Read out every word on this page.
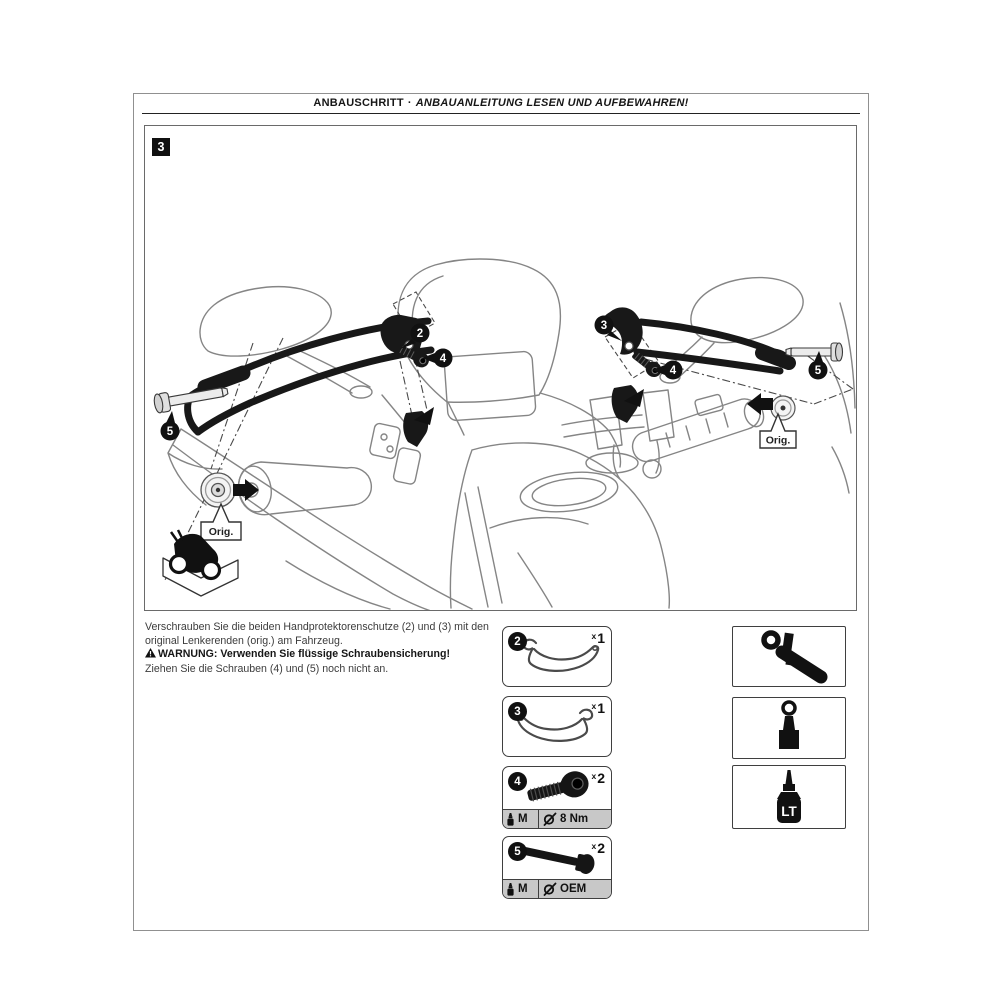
ANBAUSCHRITT · ANBAUANLEITUNG LESEN UND AUFBEWAHREN!
Orig.
Orig.
2
4
3
4
5
5
3
Verschrauben Sie die beiden Handprotektorenschutze (2) und (3) mit den
original Lenkerenden (orig.) am Fahrzeug.
WARNUNG: Verwenden Sie flüssige Schraubensicherung!
Ziehen Sie die Schrauben (4) und (5) noch nicht an.
2	$^x$1
3	$^x$1
4	$^x$2
M	8 Nm
5	$^x$2
M	OEM
LT
